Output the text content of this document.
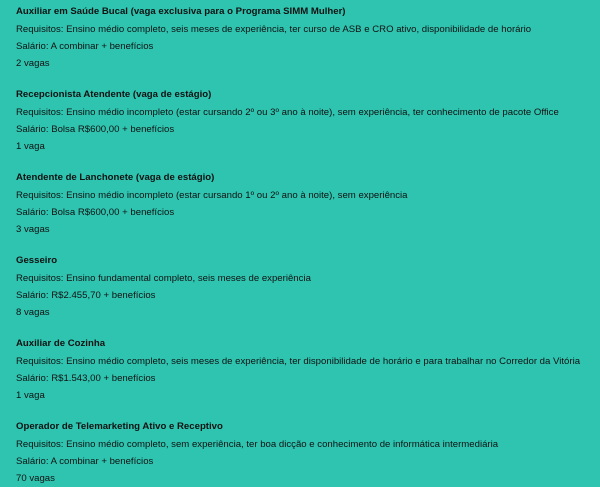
Auxiliar em Saúde Bucal (vaga exclusiva para o Programa SIMM Mulher)
Requisitos: Ensino médio completo, seis meses de experiência, ter curso de ASB e CRO ativo, disponibilidade de horário
Salário: A combinar + benefícios
2 vagas
Recepcionista Atendente (vaga de estágio)
Requisitos: Ensino médio incompleto (estar cursando 2º ou 3º ano à noite), sem experiência, ter conhecimento de pacote Office
Salário: Bolsa R$600,00 + benefícios
1 vaga
Atendente de Lanchonete (vaga de estágio)
Requisitos: Ensino médio incompleto (estar cursando 1º ou 2º ano à noite), sem experiência
Salário: Bolsa R$600,00 + benefícios
3 vagas
Gesseiro
Requisitos: Ensino fundamental completo, seis meses de experiência
Salário: R$2.455,70 + benefícios
8 vagas
Auxiliar de Cozinha
Requisitos: Ensino médio completo, seis meses de experiência, ter disponibilidade de horário e para trabalhar no Corredor da Vitória
Salário: R$1.543,00 + benefícios
1 vaga
Operador de Telemarketing Ativo e Receptivo
Requisitos: Ensino médio completo, sem experiência, ter boa dicção e conhecimento de informática intermediária
Salário: A combinar + benefícios
70 vagas
